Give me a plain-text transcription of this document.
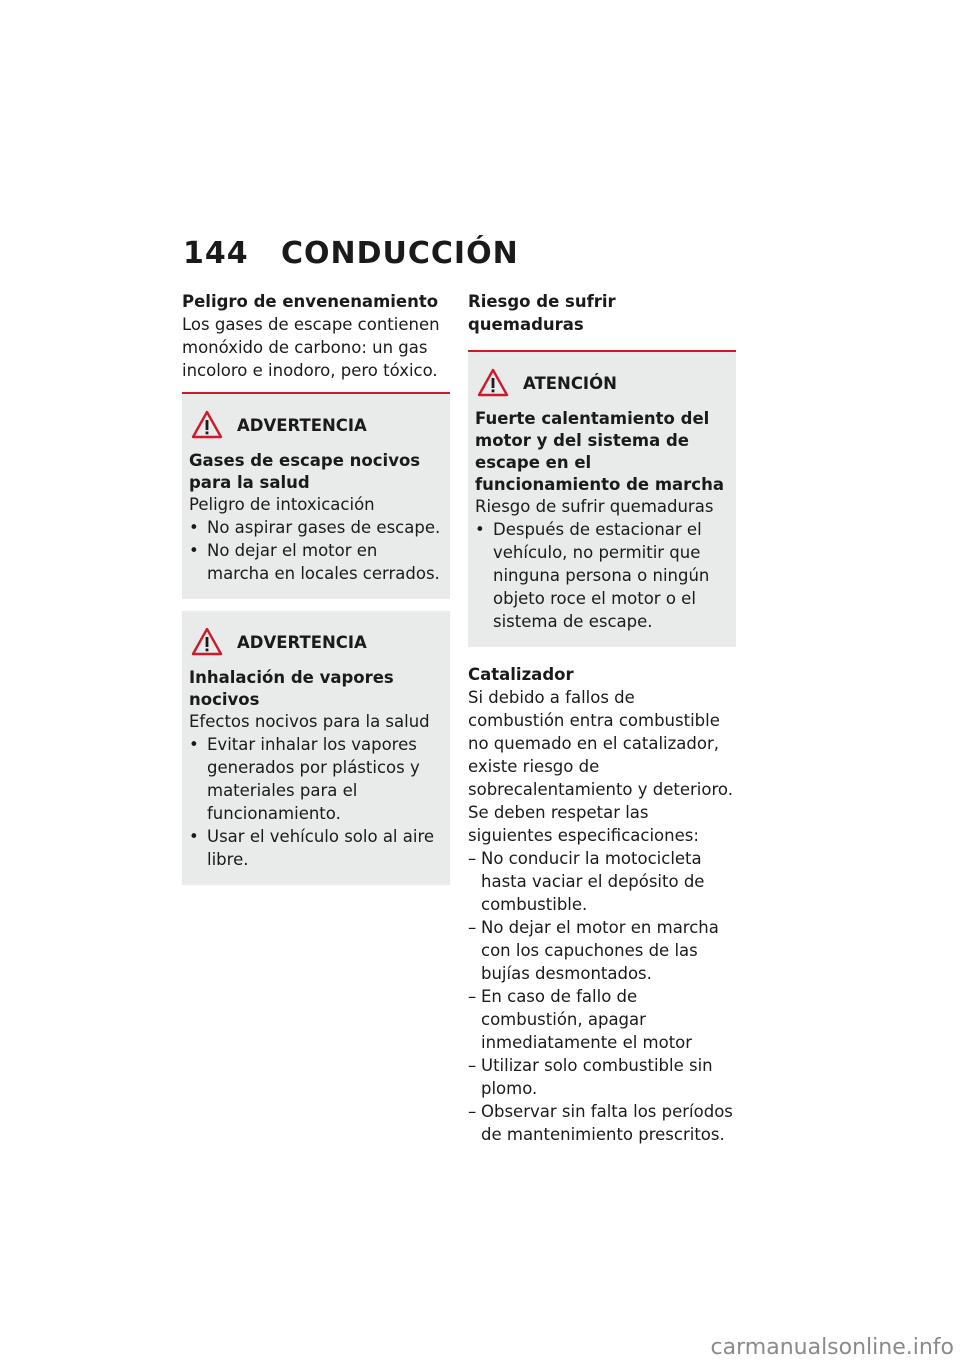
144 CONDUCCIÓN

Peligro de envenenamiento

Los gases de escape contienen monóxido de carbono: un gas incoloro e inodoro, pero tóxico.

ADVERTENCIA

Gases de escape nocivos para la salud

Peligro de intoxicación

• No aspirar gases de escape.
• No dejar el motor en marcha en locales cerrados.
ADVERTENCIA

Inhalación de vapores nocivos

Efectos nocivos para la salud

• Evitar inhalar los vapores generados por plásticos y materiales para el funcionamiento.
• Usar el vehículo solo al aire libre.

Riesgo de sufrir quemaduras

ATENCIÓN

Fuerte calentamiento del motor y del sistema de escape en el funcionamiento de marcha

Riesgo de sufrir quemaduras

• Después de estacionar el vehículo, no permitir que ninguna persona o ningún objeto roce el motor o el sistema de escape.

Catalizador

Si debido a fallos de combustión entra combustible no quemado en el catalizador, existe riesgo de sobrecalentamiento y deterioro.

Se deben respetar las siguientes especificaciones:

– No conducir la motocicleta hasta vaciar el depósito de combustible.
– No dejar el motor en marcha con los capuchones de las bujías desmontados.
– En caso de fallo de combustión, apagar inmediatamente el motor
– Utilizar solo combustible sin plomo.
– Observar sin falta los períodos de mantenimiento prescritos.
carmanualsonline.info
